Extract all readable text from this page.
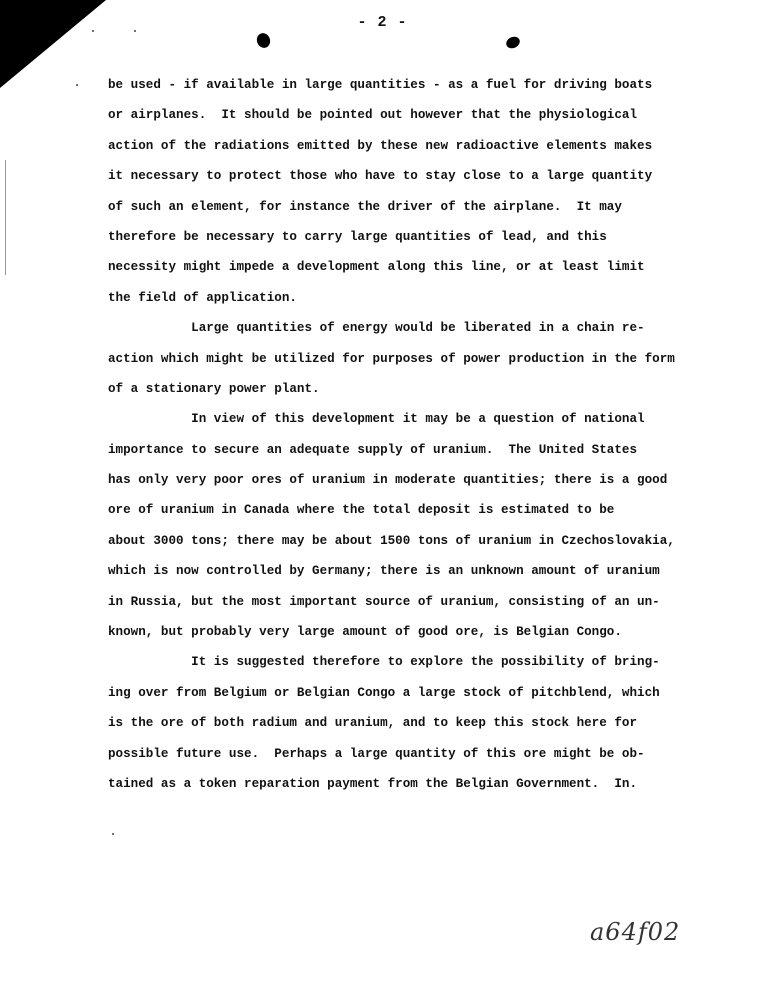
- 2 -
be used - if available in large quantities - as a fuel for driving boats
or airplanes.  It should be pointed out however that the physiological
action of the radiations emitted by these new radioactive elements makes
it necessary to protect those who have to stay close to a large quantity
of such an element, for instance the driver of the airplane.  It may
therefore be necessary to carry large quantities of lead, and this
necessity might impede a development along this line, or at least limit
the field of application.
Large quantities of energy would be liberated in a chain re-
action which might be utilized for purposes of power production in the form
of a stationary power plant.
In view of this development it may be a question of national
importance to secure an adequate supply of uranium.  The United States
has only very poor ores of uranium in moderate quantities; there is a good
ore of uranium in Canada where the total deposit is estimated to be
about 3000 tons; there may be about 1500 tons of uranium in Czechoslovakia,
which is now controlled by Germany; there is an unknown amount of uranium
in Russia, but the most important source of uranium, consisting of an un-
known, but probably very large amount of good ore, is Belgian Congo.
It is suggested therefore to explore the possibility of bring-
ing over from Belgium or Belgian Congo a large stock of pitchblend, which
is the ore of both radium and uranium, and to keep this stock here for
possible future use.  Perhaps a large quantity of this ore might be ob-
tained as a token reparation payment from the Belgian Government.  In.
a64f02
